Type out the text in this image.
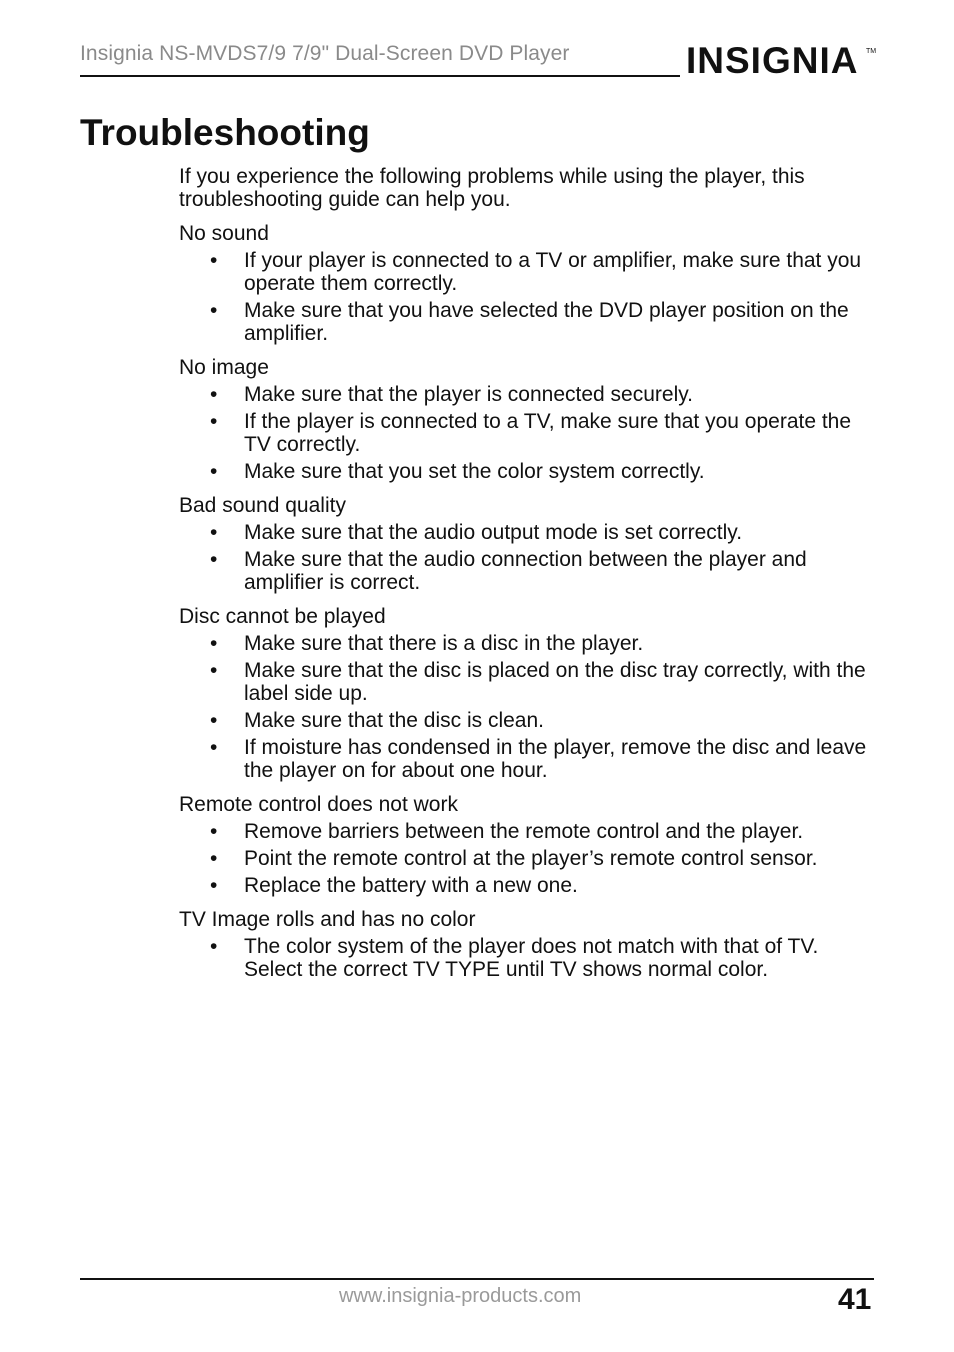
Insignia NS-MVDS7/9 7/9" Dual-Screen DVD Player	INSIGNIA TM
Troubleshooting

If you experience the following problems while using the player, this troubleshooting guide can help you.

No sound
• If your player is connected to a TV or amplifier, make sure that you operate them correctly.
• Make sure that you have selected the DVD player position on the amplifier.
No image
• Make sure that the player is connected securely.
• If the player is connected to a TV, make sure that you operate the TV correctly.
• Make sure that you set the color system correctly.
Bad sound quality
• Make sure that the audio output mode is set correctly.
• Make sure that the audio connection between the player and amplifier is correct.
Disc cannot be played
• Make sure that there is a disc in the player.
• Make sure that the disc is placed on the disc tray correctly, with the label side up.
• Make sure that the disc is clean.
• If moisture has condensed in the player, remove the disc and leave the player on for about one hour.
Remote control does not work
• Remove barriers between the remote control and the player.
• Point the remote control at the player’s remote control sensor.
• Replace the battery with a new one.
TV Image rolls and has no color
• The color system of the player does not match with that of TV. Select the correct TV TYPE until TV shows normal color.
www.insignia-products.com	41
